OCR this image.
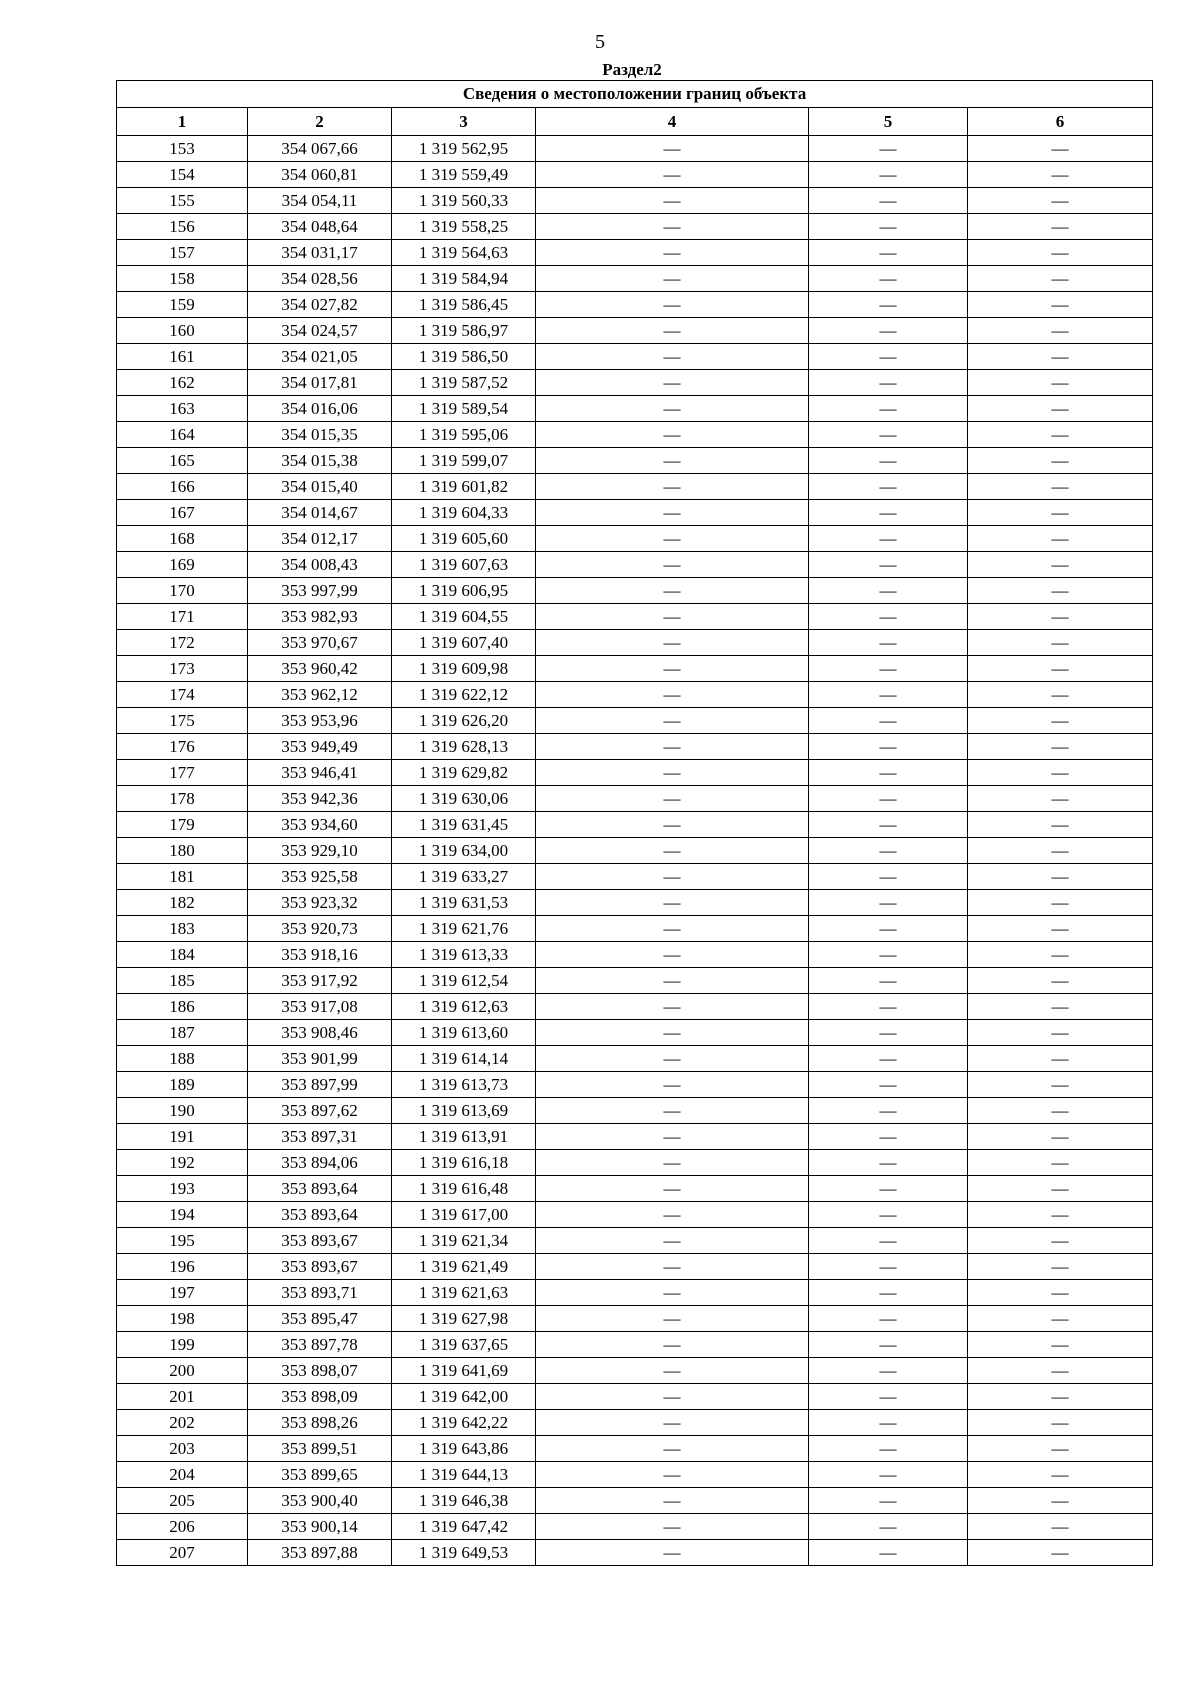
5
Раздел2
Сведения о местоположении границ объекта					
1	2	3	4	5	6
153	354 067,66	1 319 562,95	—	—	—
154	354 060,81	1 319 559,49	—	—	—
155	354 054,11	1 319 560,33	—	—	—
156	354 048,64	1 319 558,25	—	—	—
157	354 031,17	1 319 564,63	—	—	—
158	354 028,56	1 319 584,94	—	—	—
159	354 027,82	1 319 586,45	—	—	—
160	354 024,57	1 319 586,97	—	—	—
161	354 021,05	1 319 586,50	—	—	—
162	354 017,81	1 319 587,52	—	—	—
163	354 016,06	1 319 589,54	—	—	—
164	354 015,35	1 319 595,06	—	—	—
165	354 015,38	1 319 599,07	—	—	—
166	354 015,40	1 319 601,82	—	—	—
167	354 014,67	1 319 604,33	—	—	—
168	354 012,17	1 319 605,60	—	—	—
169	354 008,43	1 319 607,63	—	—	—
170	353 997,99	1 319 606,95	—	—	—
171	353 982,93	1 319 604,55	—	—	—
172	353 970,67	1 319 607,40	—	—	—
173	353 960,42	1 319 609,98	—	—	—
174	353 962,12	1 319 622,12	—	—	—
175	353 953,96	1 319 626,20	—	—	—
176	353 949,49	1 319 628,13	—	—	—
177	353 946,41	1 319 629,82	—	—	—
178	353 942,36	1 319 630,06	—	—	—
179	353 934,60	1 319 631,45	—	—	—
180	353 929,10	1 319 634,00	—	—	—
181	353 925,58	1 319 633,27	—	—	—
182	353 923,32	1 319 631,53	—	—	—
183	353 920,73	1 319 621,76	—	—	—
184	353 918,16	1 319 613,33	—	—	—
185	353 917,92	1 319 612,54	—	—	—
186	353 917,08	1 319 612,63	—	—	—
187	353 908,46	1 319 613,60	—	—	—
188	353 901,99	1 319 614,14	—	—	—
189	353 897,99	1 319 613,73	—	—	—
190	353 897,62	1 319 613,69	—	—	—
191	353 897,31	1 319 613,91	—	—	—
192	353 894,06	1 319 616,18	—	—	—
193	353 893,64	1 319 616,48	—	—	—
194	353 893,64	1 319 617,00	—	—	—
195	353 893,67	1 319 621,34	—	—	—
196	353 893,67	1 319 621,49	—	—	—
197	353 893,71	1 319 621,63	—	—	—
198	353 895,47	1 319 627,98	—	—	—
199	353 897,78	1 319 637,65	—	—	—
200	353 898,07	1 319 641,69	—	—	—
201	353 898,09	1 319 642,00	—	—	—
202	353 898,26	1 319 642,22	—	—	—
203	353 899,51	1 319 643,86	—	—	—
204	353 899,65	1 319 644,13	—	—	—
205	353 900,40	1 319 646,38	—	—	—
206	353 900,14	1 319 647,42	—	—	—
207	353 897,88	1 319 649,53	—	—	—
